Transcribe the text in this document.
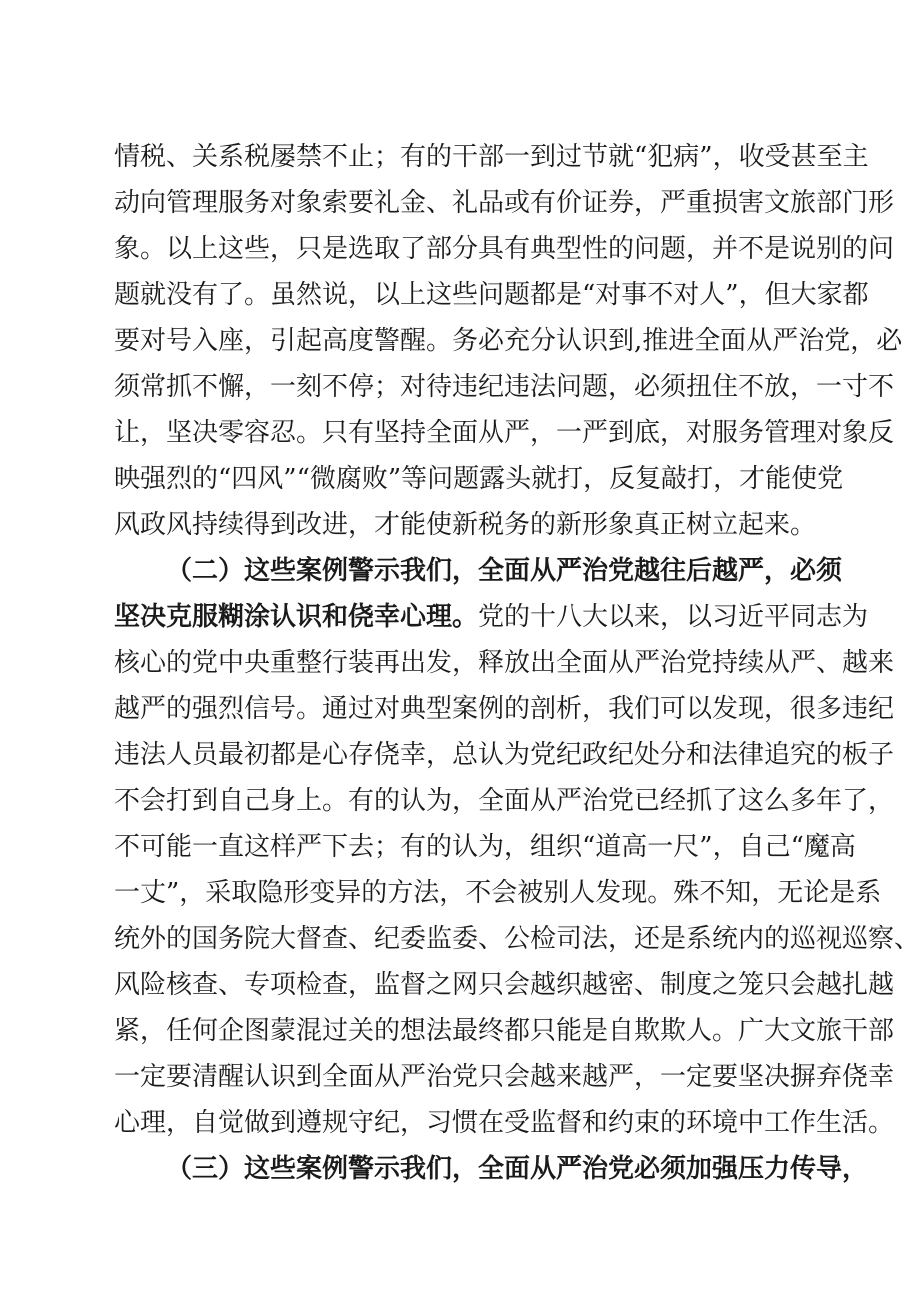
情税、关系税屡禁不止；有的干部一到过节就“犯病”，收受甚至主
动向管理服务对象索要礼金、礼品或有价证券，严重损害文旅部门形
象。以上这些，只是选取了部分具有典型性的问题，并不是说别的问
题就没有了。虽然说，以上这些问题都是“对事不对人”，但大家都
要对号入座，引起高度警醒。务必充分认识到,推进全面从严治党，必
须常抓不懈，一刻不停；对待违纪违法问题，必须扭住不放，一寸不
让，坚决零容忍。只有坚持全面从严，一严到底，对服务管理对象反
映强烈的“四风”“微腐败”等问题露头就打，反复敲打，才能使党
风政风持续得到改进，才能使新税务的新形象真正树立起来。
（二）这些案例警示我们，全面从严治党越往后越严，必须
坚决克服糊涂认识和侥幸心理。党的十八大以来，以习近平同志为
核心的党中央重整行装再出发，释放出全面从严治党持续从严、越来
越严的强烈信号。通过对典型案例的剖析，我们可以发现，很多违纪
违法人员最初都是心存侥幸，总认为党纪政纪处分和法律追究的板子
不会打到自己身上。有的认为，全面从严治党已经抓了这么多年了，
不可能一直这样严下去；有的认为，组织“道高一尺”，自己“魔高
一丈”，采取隐形变异的方法，不会被别人发现。殊不知，无论是系
统外的国务院大督查、纪委监委、公检司法，还是系统内的巡视巡察、
风险核查、专项检查，监督之网只会越织越密、制度之笼只会越扎越
紧，任何企图蒙混过关的想法最终都只能是自欺欺人。广大文旅干部
一定要清醒认识到全面从严治党只会越来越严，一定要坚决摒弃侥幸
心理，自觉做到遵规守纪，习惯在受监督和约束的环境中工作生活。
（三）这些案例警示我们，全面从严治党必须加强压力传导，
